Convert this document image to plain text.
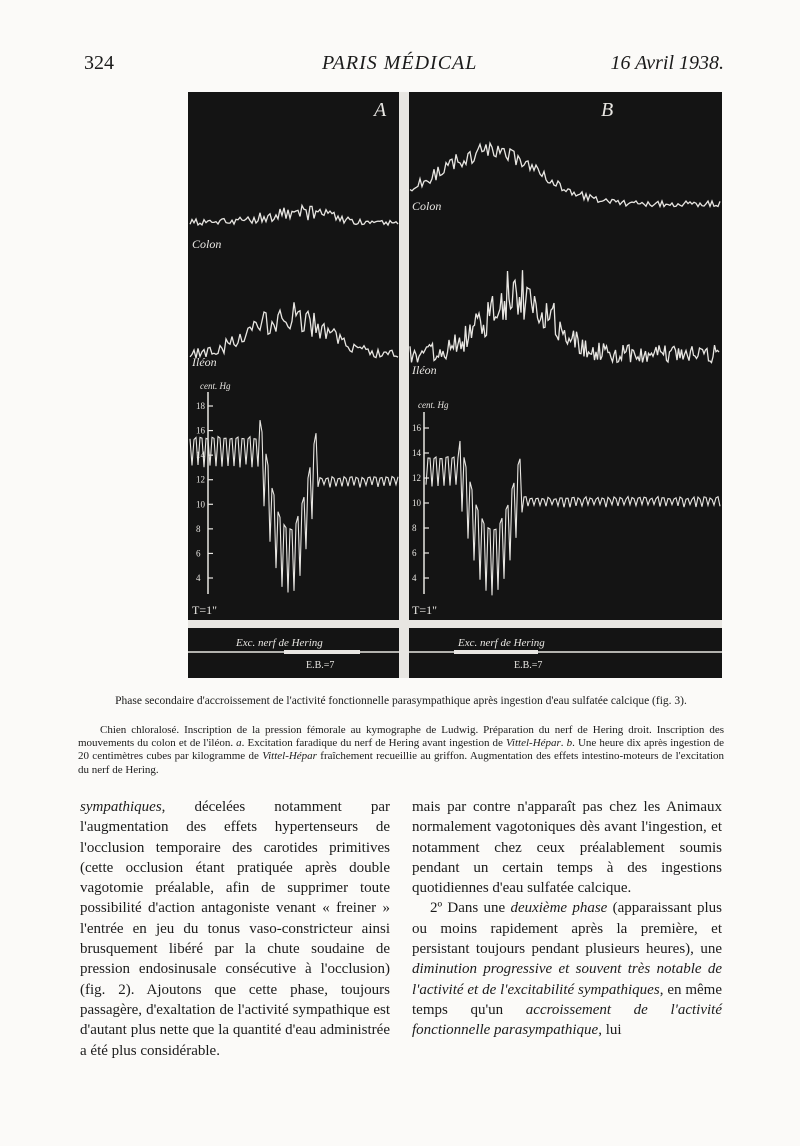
324	PARIS MÉDICAL	16 Avril 1938.
A	B
Colon
Colon
Iléon
Iléon
cent. Hg
18
16
14
12
10
8
6
4
cent. Hg
16
14
12
10
8
6
4
T=1"	T=1"
Exc. nerf de Hering	Exc. nerf de Hering
E.B.=7	E.B.=7
Phase secondaire d'accroissement de l'activité fonctionnelle parasympathique après ingestion d'eau sulfatée calcique (fig. 3).
Chien chloralosé. Inscription de la pression fémorale au kymographe de Ludwig. Préparation du nerf de Hering droit. Inscription des mouvements du colon et de l'iléon. a. Excitation faradique du nerf de Hering avant ingestion de Vittel-Hépar. b. Une heure dix après ingestion de 20 centimètres cubes par kilogramme de Vittel-Hépar fraîchement recueillie au griffon. Augmentation des effets intestino-moteurs de l'excitation du nerf de Hering.

sympathiques, décelées notamment par l'augmentation des effets hypertenseurs de l'occlusion temporaire des carotides primitives (cette occlusion étant pratiquée après double vagotomie préalable, afin de supprimer toute possibilité d'action antagoniste venant « freiner » l'entrée en jeu du tonus vaso-constricteur ainsi brusquement libéré par la chute soudaine de pression endosinusale consécutive à l'occlusion) (fig. 2). Ajoutons que cette phase, toujours passagère, d'exaltation de l'activité sympathique est d'autant plus nette que la quantité d'eau administrée a été plus considérable.

mais par contre n'apparaît pas chez les Animaux normalement vagotoniques dès avant l'ingestion, et notamment chez ceux préalablement soumis pendant un certain temps à des ingestions quotidiennes d'eau sulfatée calcique.

2º Dans une deuxième phase (apparaissant plus ou moins rapidement après la première, et persistant toujours pendant plusieurs heures), une diminution progressive et souvent très notable de l'activité et de l'excitabilité sympathiques, en même temps qu'un accroissement de l'activité fonctionnelle parasympathique, lui
